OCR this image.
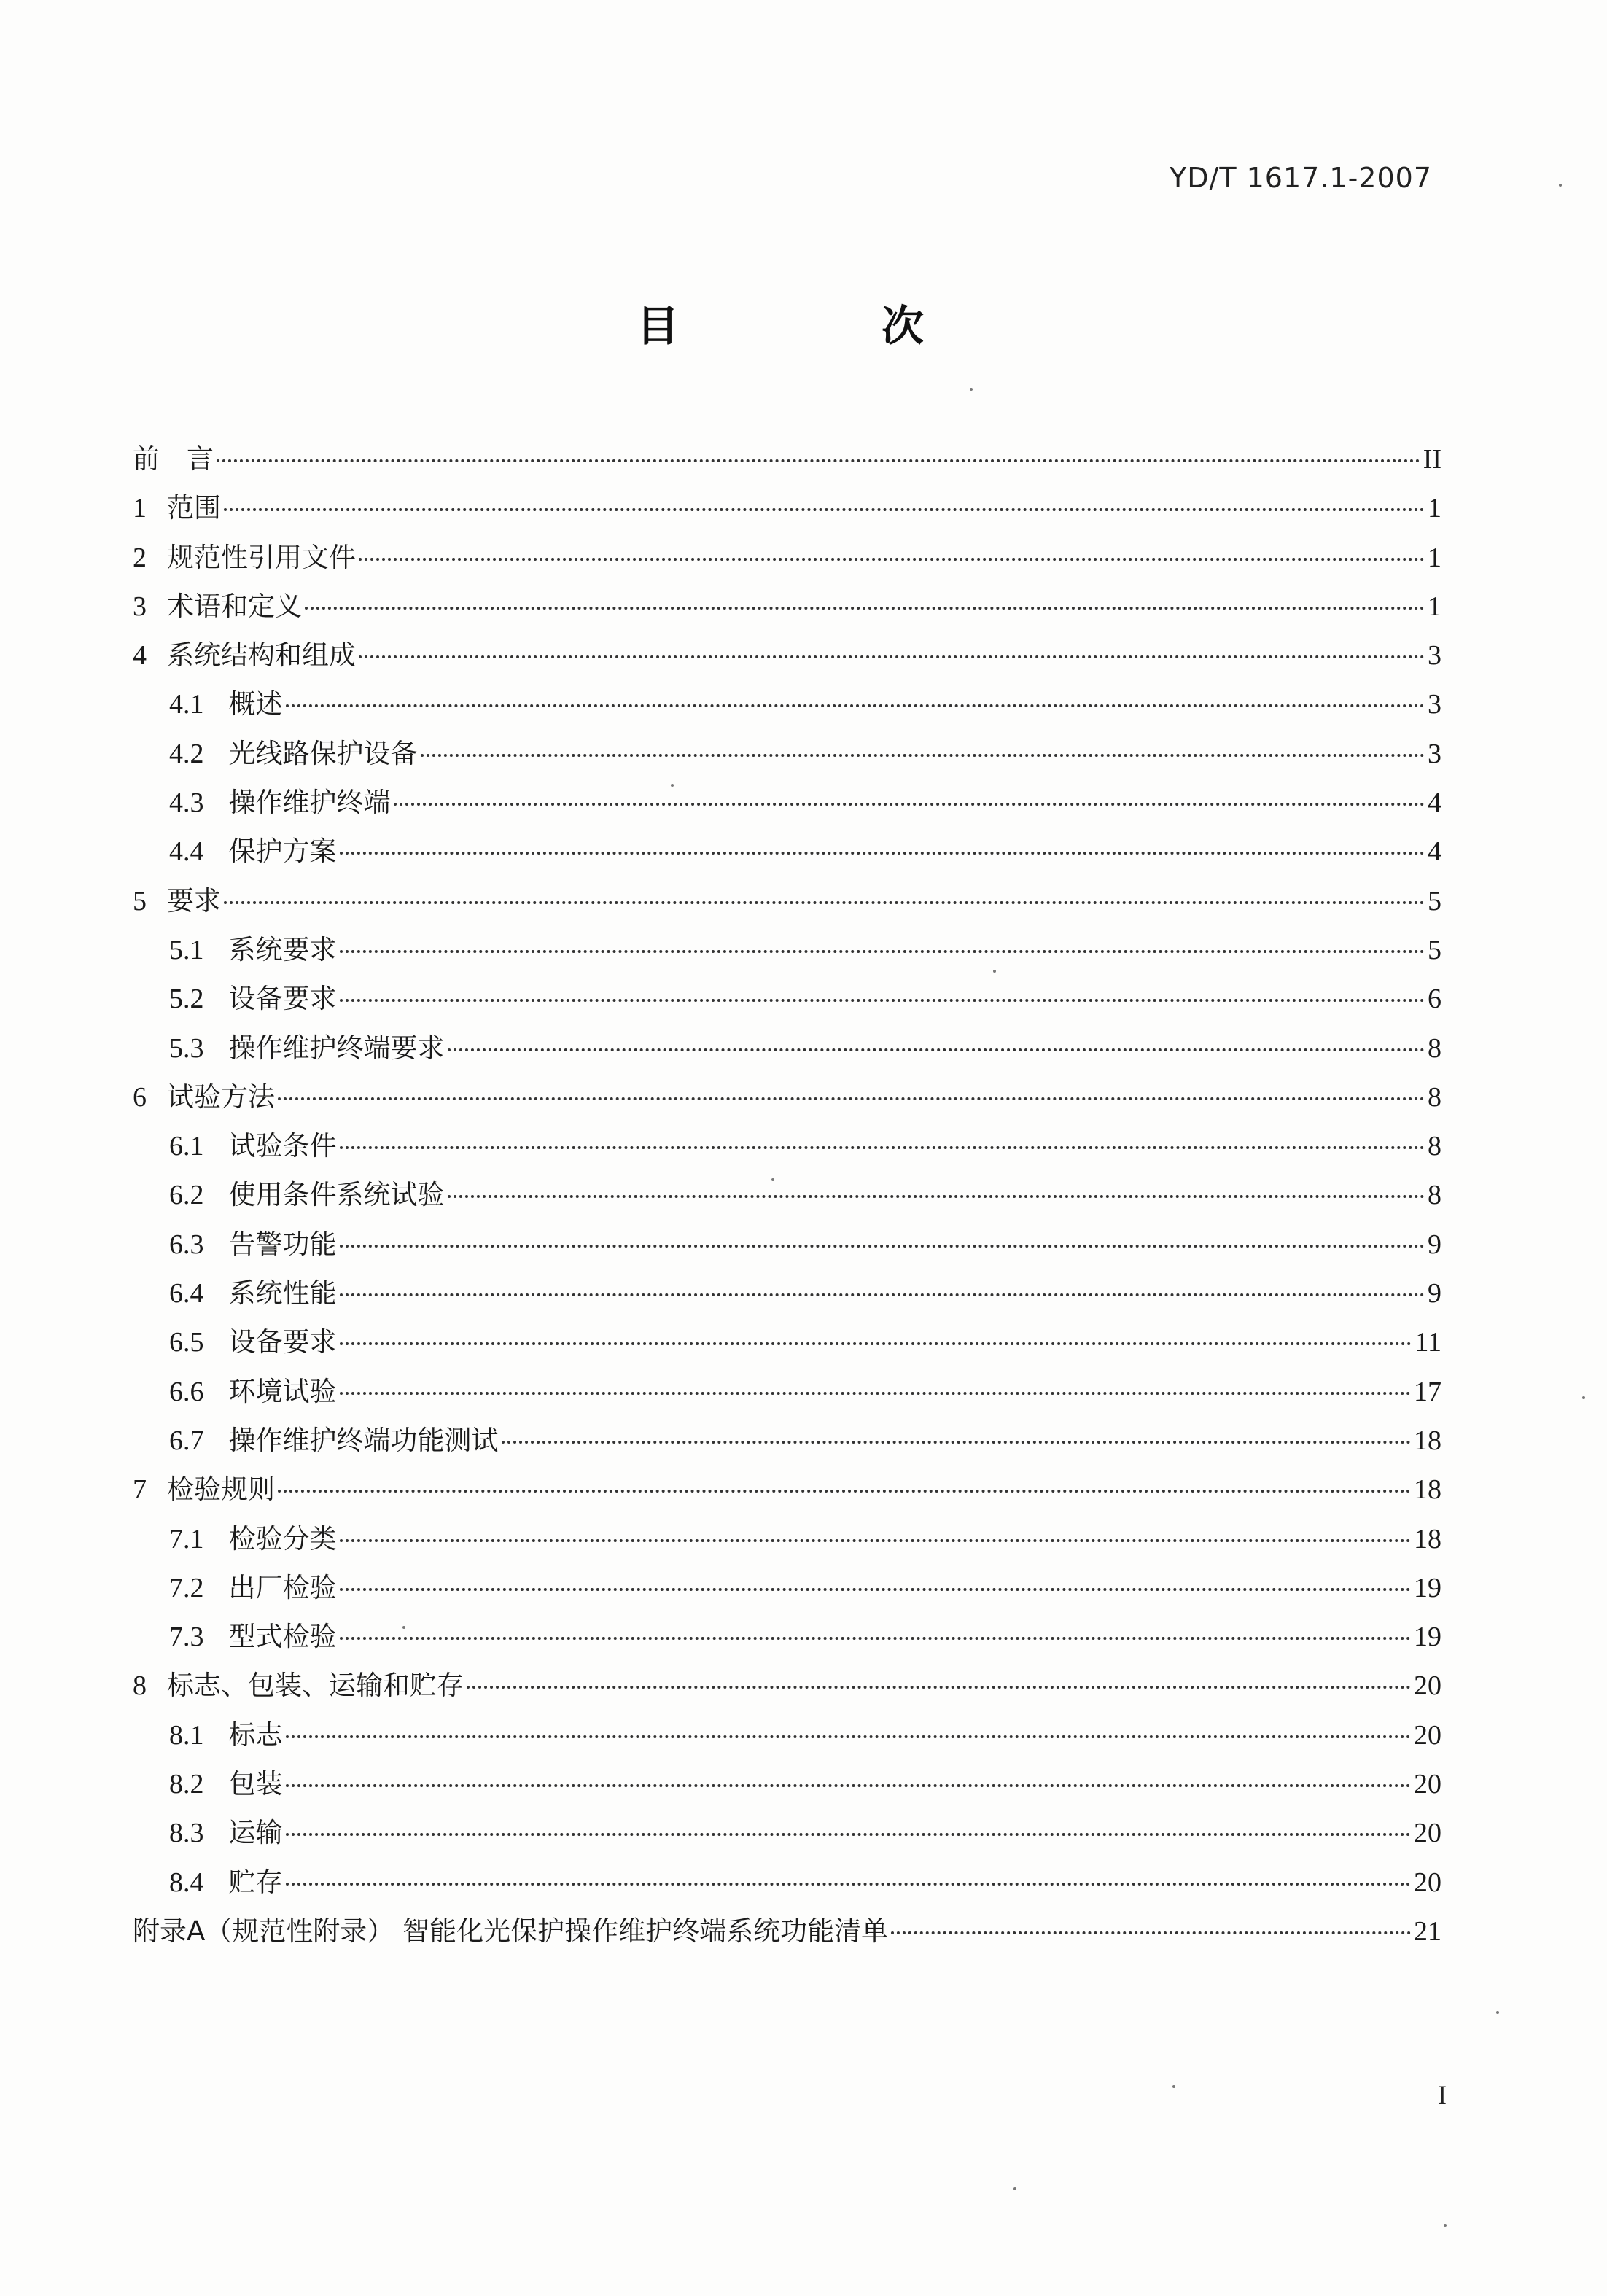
YD/T 1617.1-2007
目　次
前　言	II
1 范围	1
2 规范性引用文件	1
3 术语和定义	1
4 系统结构和组成	3
4.1 概述	3
4.2 光线路保护设备	3
4.3 操作维护终端	4
4.4 保护方案	4
5 要求	5
5.1 系统要求	5
5.2 设备要求	6
5.3 操作维护终端要求	8
6 试验方法	8
6.1 试验条件	8
6.2 使用条件系统试验	8
6.3 告警功能	9
6.4 系统性能	9
6.5 设备要求	11
6.6 环境试验	17
6.7 操作维护终端功能测试	18
7 检验规则	18
7.1 检验分类	18
7.2 出厂检验	19
7.3 型式检验	19
8 标志、包装、运输和贮存	20
8.1 标志	20
8.2 包装	20
8.3 运输	20
8.4 贮存	20
附录A（规范性附录） 智能化光保护操作维护终端系统功能清单	21
I
